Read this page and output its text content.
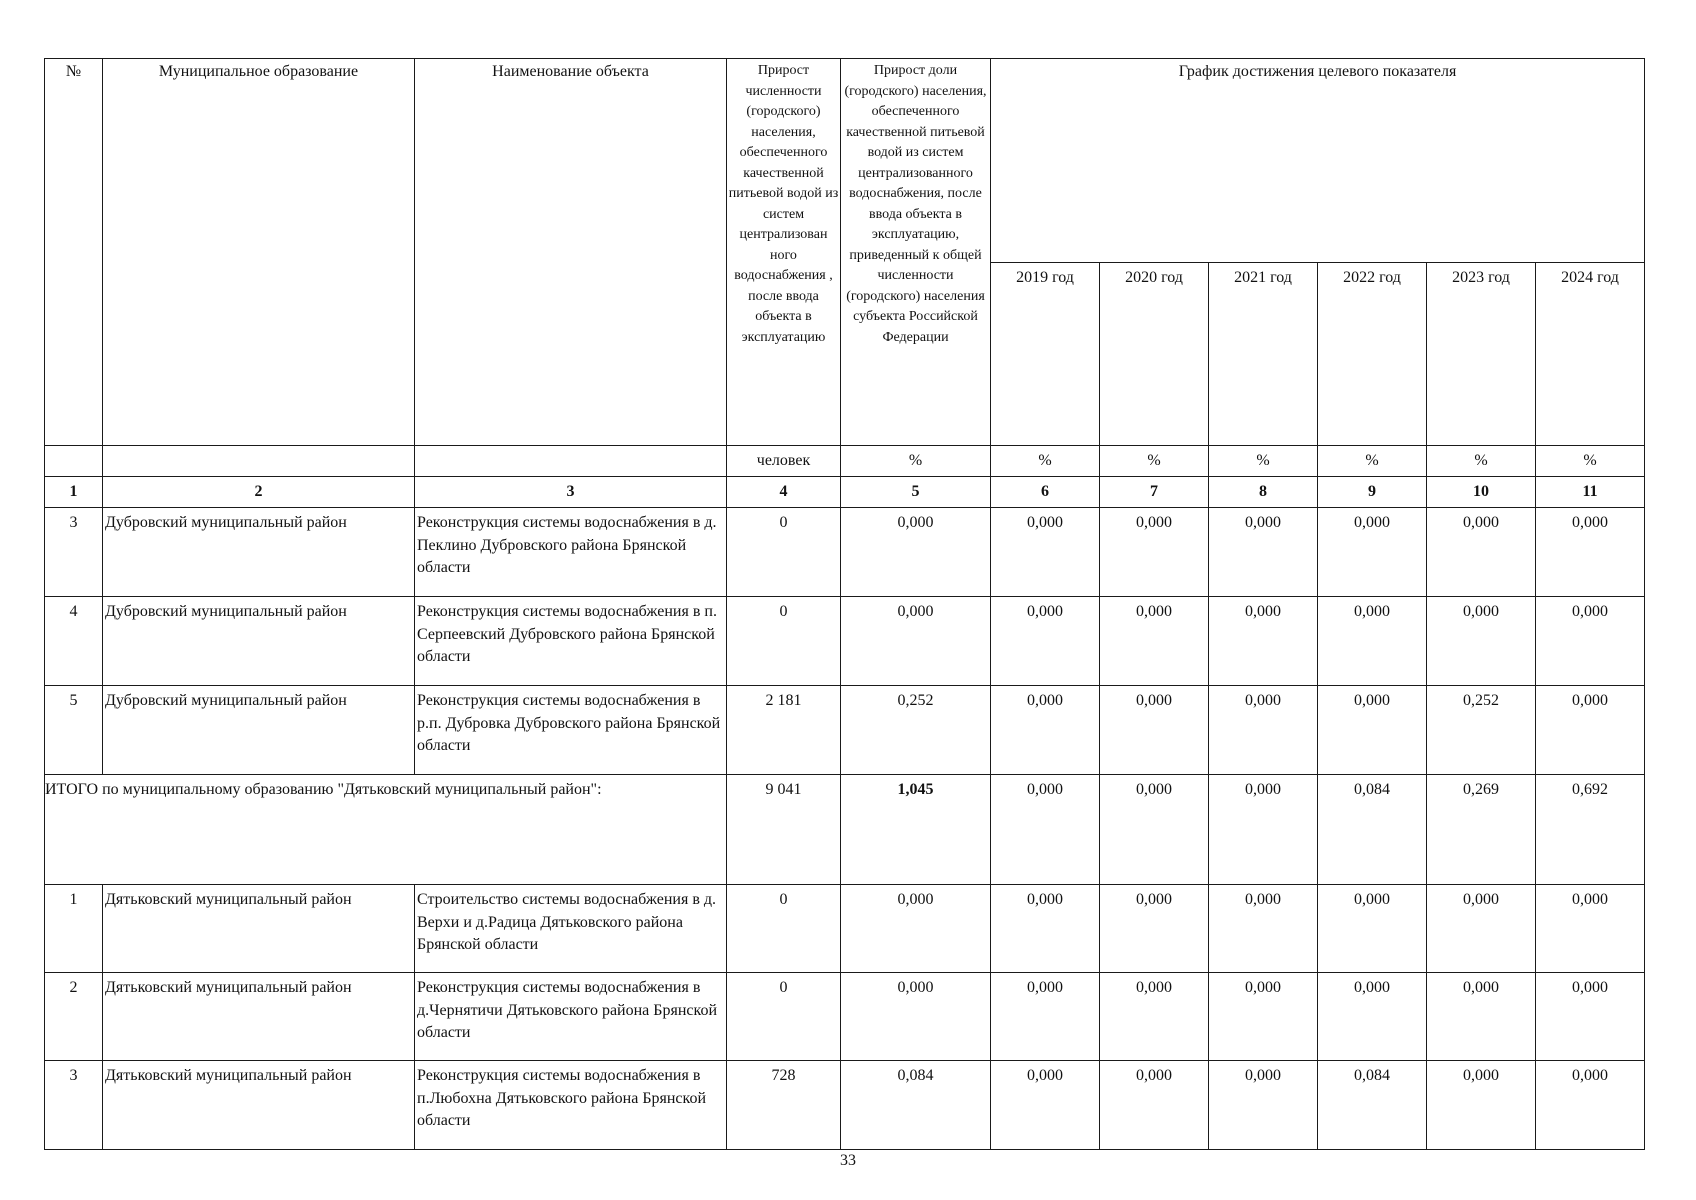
№	Муниципальное образование	Наименование объекта	Прирост численности (городского) населения, обеспеченного качественной питьевой водой из систем централизован ного водоснабжения , после ввода объекта в эксплуатацию	Прирост доли (городского) населения, обеспеченного качественной питьевой водой из систем централизованного водоснабжения, после ввода объекта в эксплуатацию, приведенный к общей численности (городского) населения субъекта Российской Федерации	График достижения целевого показателя					
					2019 год	2020 год	2021 год	2022 год	2023 год	2024 год
			человек	%	%	%	%	%	%	%
1	2	3	4	5	6	7	8	9	10	11
3	Дубровский муниципальный район	Реконструкция системы водоснабжения в д. Пеклино Дубровского района Брянской области	0	0,000	0,000	0,000	0,000	0,000	0,000	0,000
4	Дубровский муниципальный район	Реконструкция системы водоснабжения в п. Серпеевский Дубровского района Брянской области	0	0,000	0,000	0,000	0,000	0,000	0,000	0,000
5	Дубровский муниципальный район	Реконструкция системы водоснабжения в р.п. Дубровка Дубровского района Брянской области	2 181	0,252	0,000	0,000	0,000	0,000	0,252	0,000
ИТОГО по муниципальному образованию "Дятьковский муниципальный район":			9 041	1,045	0,000	0,000	0,000	0,084	0,269	0,692
1	Дятьковский муниципальный район	Строительство системы водоснабжения в д. Верхи и д.Радица Дятьковского района Брянской области	0	0,000	0,000	0,000	0,000	0,000	0,000	0,000
2	Дятьковский муниципальный район	Реконструкция системы водоснабжения в д.Чернятичи Дятьковского района Брянской области	0	0,000	0,000	0,000	0,000	0,000	0,000	0,000
3	Дятьковский муниципальный район	Реконструкция системы водоснабжения в п.Любохна Дятьковского района Брянской области	728	0,084	0,000	0,000	0,000	0,084	0,000	0,000
33
